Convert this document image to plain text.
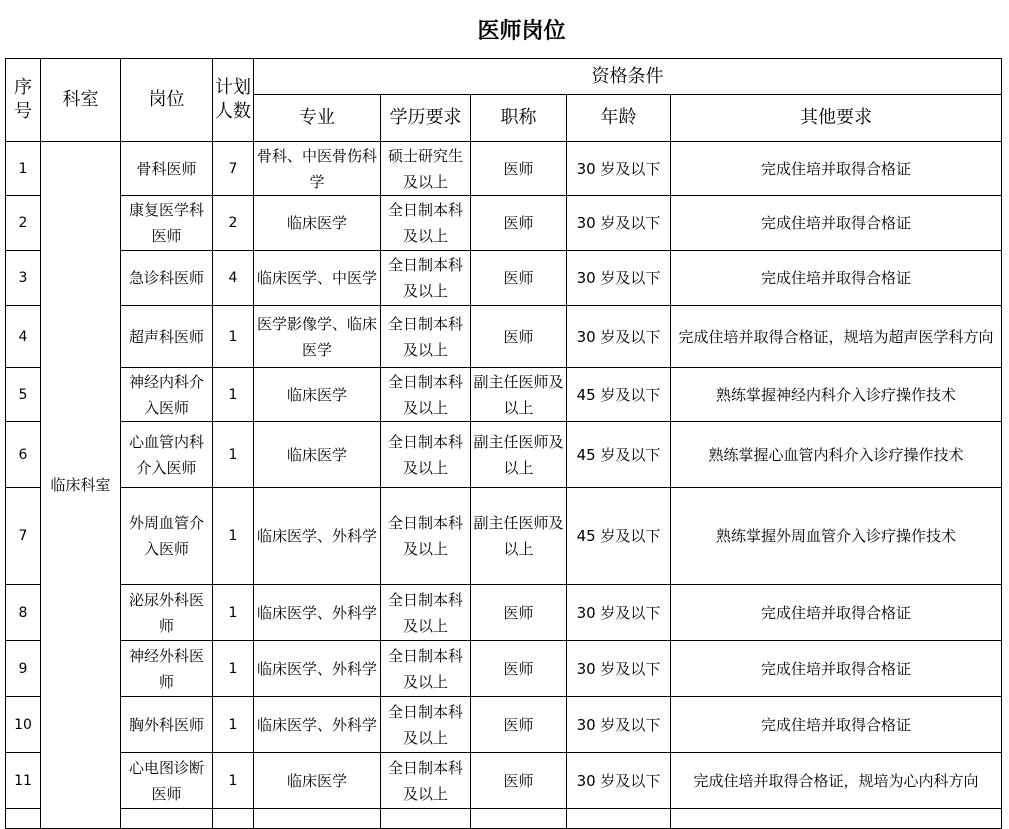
医师岗位
序号	科室	岗位	计划人数	资格条件				
				专业	学历要求	职称	年龄	其他要求
1	临床科室	骨科医师	7	骨科、中医骨伤科学	硕士研究生及以上	医师	30 岁及以下	完成住培并取得合格证
2		康复医学科医师	2	临床医学	全日制本科及以上	医师	30 岁及以下	完成住培并取得合格证
3		急诊科医师	4	临床医学、中医学	全日制本科及以上	医师	30 岁及以下	完成住培并取得合格证
4		超声科医师	1	医学影像学、临床医学	全日制本科及以上	医师	30 岁及以下	完成住培并取得合格证，规培为超声医学科方向
5		神经内科介入医师	1	临床医学	全日制本科及以上	副主任医师及以上	45 岁及以下	熟练掌握神经内科介入诊疗操作技术
6		心血管内科介入医师	1	临床医学	全日制本科及以上	副主任医师及以上	45 岁及以下	熟练掌握心血管内科介入诊疗操作技术
7		外周血管介入医师	1	临床医学、外科学	全日制本科及以上	副主任医师及以上	45 岁及以下	熟练掌握外周血管介入诊疗操作技术
8		泌尿外科医师	1	临床医学、外科学	全日制本科及以上	医师	30 岁及以下	完成住培并取得合格证
9		神经外科医师	1	临床医学、外科学	全日制本科及以上	医师	30 岁及以下	完成住培并取得合格证
10		胸外科医师	1	临床医学、外科学	全日制本科及以上	医师	30 岁及以下	完成住培并取得合格证
11		心电图诊断医师	1	临床医学	全日制本科及以上	医师	30 岁及以下	完成住培并取得合格证，规培为心内科方向
